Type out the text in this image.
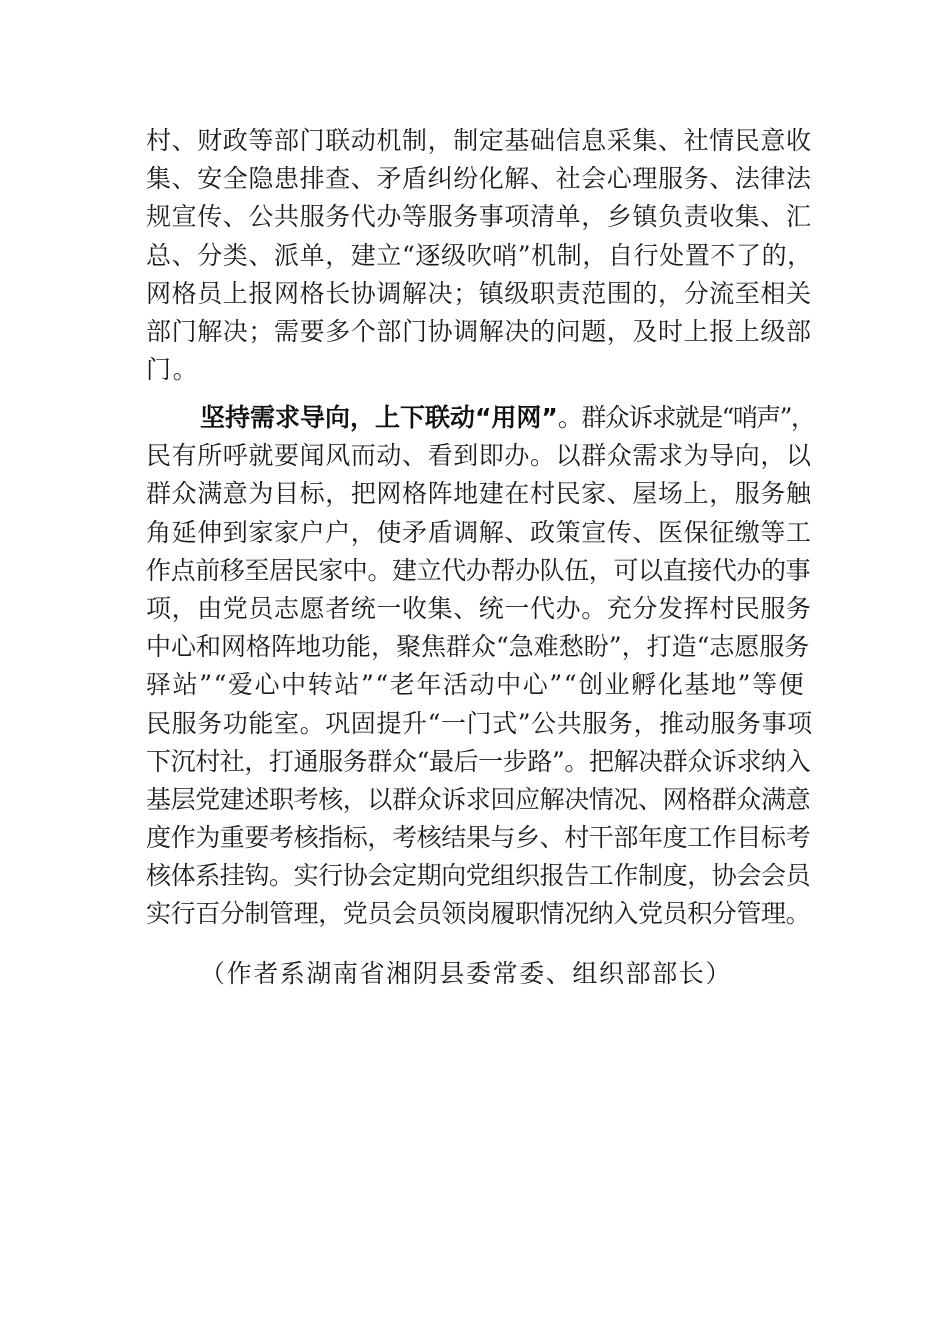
村、财政等部门联动机制，制定基础信息采集、社情民意收
集、安全隐患排查、矛盾纠纷化解、社会心理服务、法律法
规宣传、公共服务代办等服务事项清单，乡镇负责收集、汇
总、分类、派单，建立“逐级吹哨”机制，自行处置不了的，
网格员上报网格长协调解决；镇级职责范围的，分流至相关
部门解决；需要多个部门协调解决的问题，及时上报上级部
门。
坚持需求导向，上下联动“用网”。群众诉求就是“哨声”，
民有所呼就要闻风而动、看到即办。以群众需求为导向，以
群众满意为目标，把网格阵地建在村民家、屋场上，服务触
角延伸到家家户户，使矛盾调解、政策宣传、医保征缴等工
作点前移至居民家中。建立代办帮办队伍，可以直接代办的事
项，由党员志愿者统一收集、统一代办。充分发挥村民服务
中心和网格阵地功能，聚焦群众“急难愁盼”，打造“志愿服务
驿站”“爱心中转站”“老年活动中心”“创业孵化基地”等便
民服务功能室。巩固提升“一门式”公共服务，推动服务事项
下沉村社，打通服务群众“最后一步路”。把解决群众诉求纳入
基层党建述职考核，以群众诉求回应解决情况、网格群众满意
度作为重要考核指标，考核结果与乡、村干部年度工作目标考
核体系挂钩。实行协会定期向党组织报告工作制度，协会会员
实行百分制管理，党员会员领岗履职情况纳入党员积分管理。
（作者系湖南省湘阴县委常委、组织部部长）
